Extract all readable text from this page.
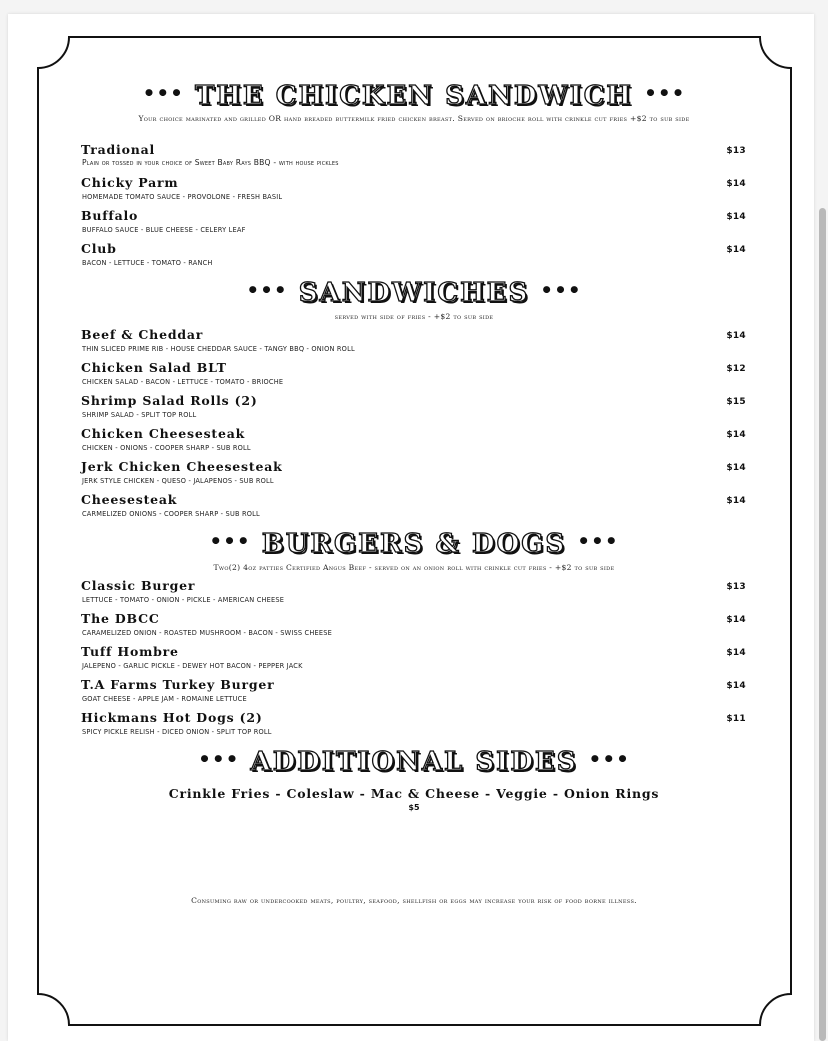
••• THE CHICKEN SANDWICH •••
Your choice marinated and grilled OR hand breaded buttermilk fried chicken breast. Served on brioche roll with crinkle cut fries +$2 to sub side
Tradional
Plain or tossed in your choice of Sweet Baby Rays BBQ - with house pickles
$13
Chicky Parm
HOMEMADE TOMATO SAUCE - PROVOLONE - FRESH BASIL
$14
Buffalo
BUFFALO SAUCE - BLUE CHEESE - CELERY LEAF
$14
Club
BACON - LETTUCE - TOMATO - RANCH
$14
••• SANDWICHES •••
served with side of fries - +$2 to sub side
Beef & Cheddar
THIN SLICED PRIME RIB - HOUSE CHEDDAR SAUCE - TANGY BBQ - ONION ROLL
$14
Chicken Salad BLT
CHICKEN SALAD - BACON - LETTUCE - TOMATO - BRIOCHE
$12
Shrimp Salad Rolls (2)
SHRIMP SALAD - SPLIT TOP ROLL
$15
Chicken Cheesesteak
CHICKEN - ONIONS - COOPER SHARP - SUB ROLL
$14
Jerk Chicken Cheesesteak
JERK STYLE CHICKEN - QUESO - JALAPENOS - SUB ROLL
$14
Cheesesteak
CARMELIZED ONIONS - COOPER SHARP - SUB ROLL
$14
••• BURGERS & DOGS •••
Two(2) 4oz patties Certified Angus Beef - served on an onion roll with crinkle cut fries - +$2 to sub side
Classic Burger
LETTUCE - TOMATO - ONION - PICKLE - AMERICAN CHEESE
$13
The DBCC
CARAMELIZED ONION - ROASTED MUSHROOM - BACON - SWISS CHEESE
$14
Tuff Hombre
JALEPENO - GARLIC PICKLE - DEWEY HOT BACON - PEPPER JACK
$14
T.A Farms Turkey Burger
GOAT CHEESE - APPLE JAM - ROMAINE LETTUCE
$14
Hickmans Hot Dogs (2)
SPICY PICKLE RELISH - DICED ONION - SPLIT TOP ROLL
$11
••• ADDITIONAL SIDES •••
Crinkle Fries - Coleslaw - Mac & Cheese - Veggie - Onion Rings
$5
Consuming raw or undercooked meats, poultry, seafood, shellfish or eggs may increase your risk of food borne illness.
